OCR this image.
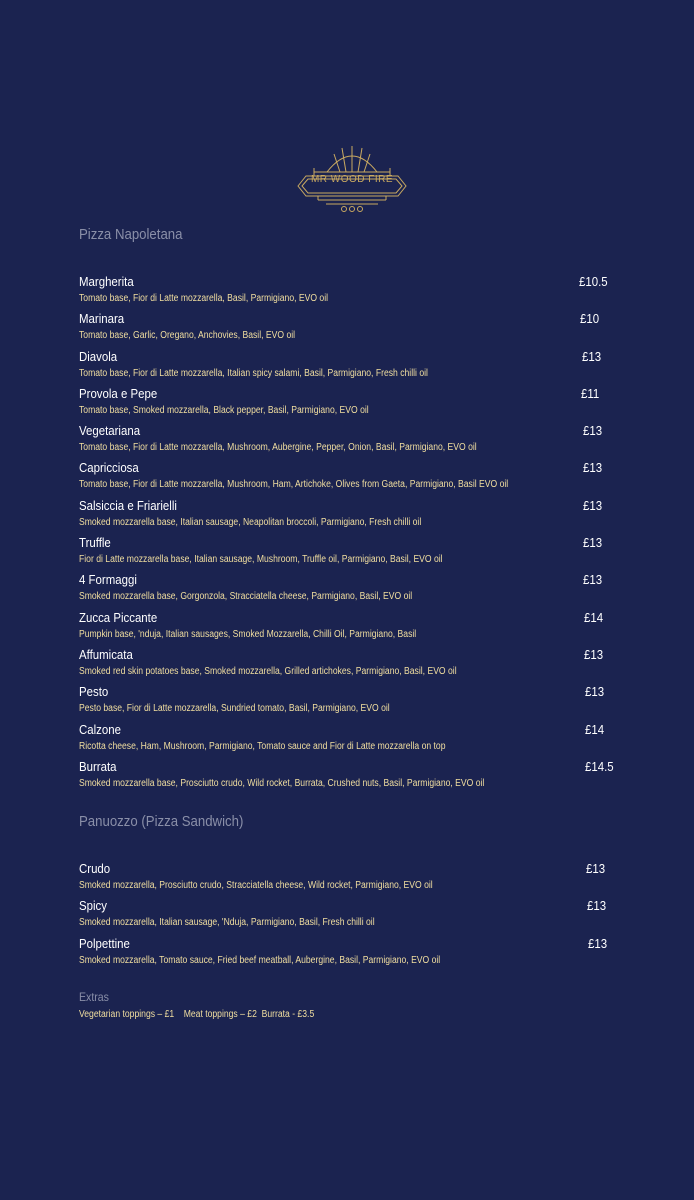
MR WOOD FIRE
Pizza Napoletana
Margherita	£10.5
Tomato base, Fior di Latte mozzarella, Basil, Parmigiano, EVO oil
Marinara	£10
Tomato base, Garlic, Oregano, Anchovies, Basil, EVO oil
Diavola	£13
Tomato base, Fior di Latte mozzarella, Italian spicy salami, Basil, Parmigiano, Fresh chilli oil
Provola e Pepe	£11
Tomato base, Smoked mozzarella, Black pepper, Basil, Parmigiano, EVO oil
Vegetariana	£13
Tomato base, Fior di Latte mozzarella, Mushroom, Aubergine, Pepper, Onion, Basil, Parmigiano, EVO oil
Capricciosa	£13
Tomato base, Fior di Latte mozzarella, Mushroom, Ham, Artichoke, Olives from Gaeta, Parmigiano, Basil EVO oil
Salsiccia e Friarielli	£13
Smoked mozzarella base, Italian sausage, Neapolitan broccoli, Parmigiano, Fresh chilli oil
Truffle	£13
Fior di Latte mozzarella base, Italian sausage, Mushroom, Truffle oil, Parmigiano, Basil, EVO oil
4 Formaggi	£13
Smoked mozzarella base, Gorgonzola, Stracciatella cheese, Parmigiano, Basil, EVO oil
Zucca Piccante	£14
Pumpkin base, 'nduja, Italian sausages, Smoked Mozzarella, Chilli Oil, Parmigiano, Basil
Affumicata	£13
Smoked red skin potatoes base, Smoked mozzarella, Grilled artichokes, Parmigiano, Basil, EVO oil
Pesto	£13
Pesto base, Fior di Latte mozzarella, Sundried tomato, Basil, Parmigiano, EVO oil
Calzone	£14
Ricotta cheese, Ham, Mushroom, Parmigiano, Tomato sauce and Fior di Latte mozzarella on top
Burrata	£14.5
Smoked mozzarella base, Prosciutto crudo, Wild rocket, Burrata, Crushed nuts, Basil, Parmigiano, EVO oil
Panuozzo (Pizza Sandwich)
Crudo	£13
Smoked mozzarella, Prosciutto crudo, Stracciatella cheese, Wild rocket, Parmigiano, EVO oil
Spicy	£13
Smoked mozzarella, Italian sausage, 'Nduja, Parmigiano, Basil, Fresh chilli oil
Polpettine	£13
Smoked mozzarella, Tomato sauce, Fried beef meatball, Aubergine, Basil, Parmigiano, EVO oil
Extras
Vegetarian toppings – £1    Meat toppings – £2  Burrata - £3.5
